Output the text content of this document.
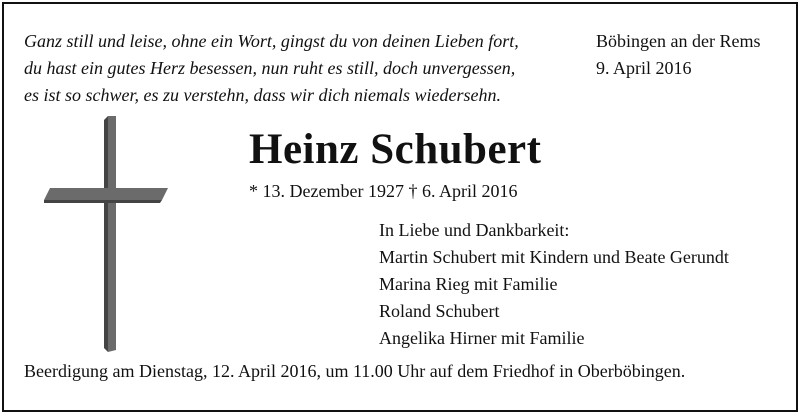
Ganz still und leise, ohne ein Wort, gingst du von deinen Lieben fort,
du hast ein gutes Herz besessen, nun ruht es still, doch unvergessen,
es ist so schwer, es zu verstehn, dass wir dich niemals wiedersehn.
Böbingen an der Rems
9. April 2016
Heinz Schubert
* 13. Dezember 1927 † 6. April 2016
In Liebe und Dankbarkeit:
Martin Schubert mit Kindern und Beate Gerundt
Marina Rieg mit Familie
Roland Schubert
Angelika Hirner mit Familie
Beerdigung am Dienstag, 12. April 2016, um 11.00 Uhr auf dem Friedhof in Oberböbingen.
